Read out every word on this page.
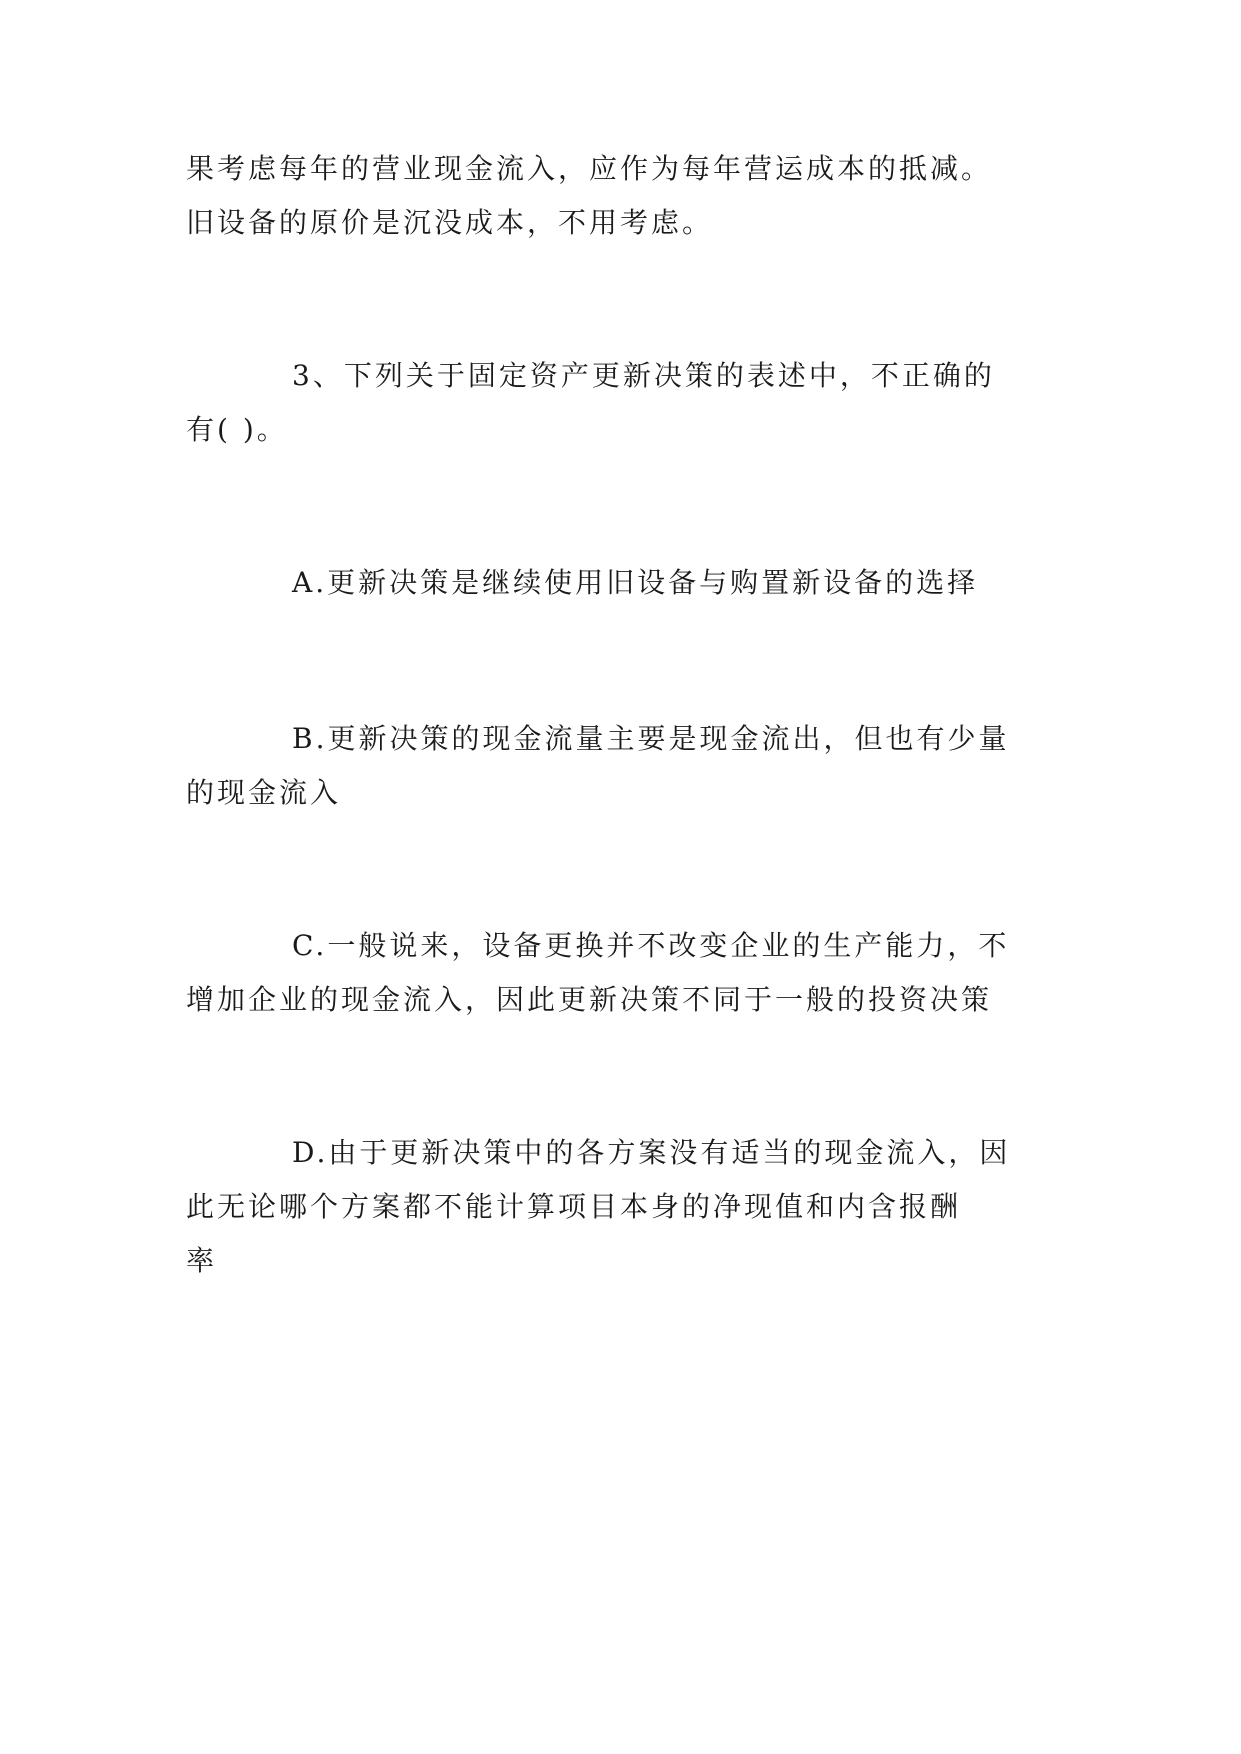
果考虑每年的营业现金流入，应作为每年营运成本的抵减。
旧设备的原价是沉没成本，不用考虑。
3、下列关于固定资产更新决策的表述中，不正确的
有( )。
A.更新决策是继续使用旧设备与购置新设备的选择
B.更新决策的现金流量主要是现金流出，但也有少量
的现金流入
C.一般说来，设备更换并不改变企业的生产能力，不
增加企业的现金流入，因此更新决策不同于一般的投资决策
D.由于更新决策中的各方案没有适当的现金流入，因
此无论哪个方案都不能计算项目本身的净现值和内含报酬
率
